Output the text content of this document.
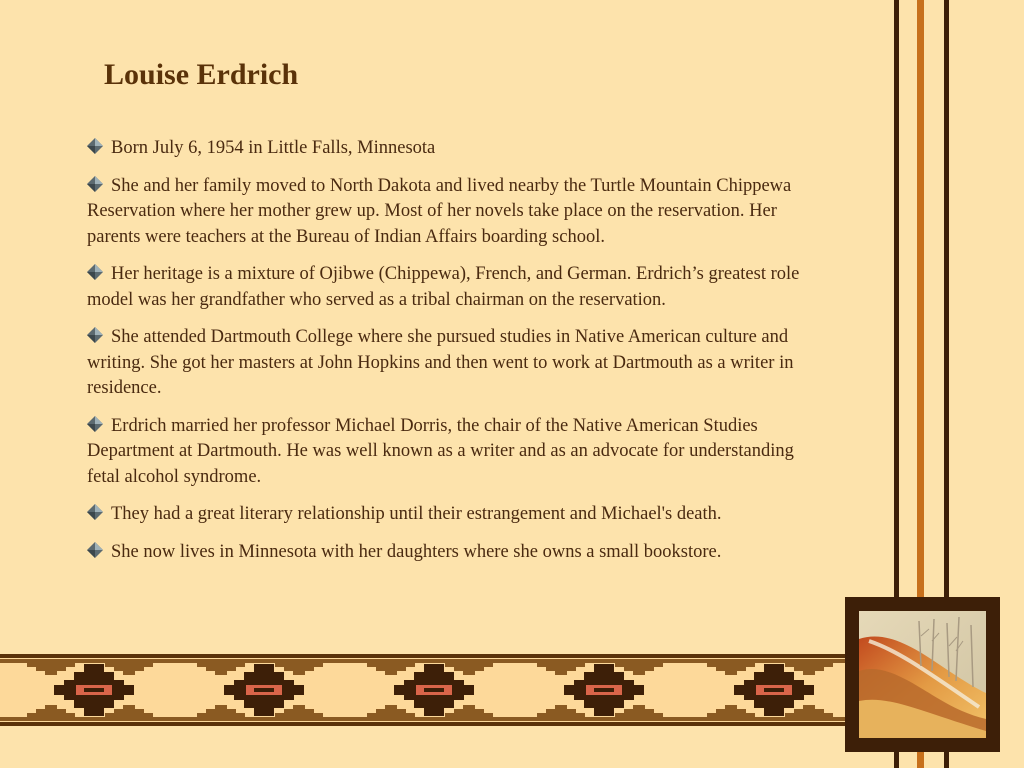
Louise Erdrich
Born July 6, 1954 in Little Falls, Minnesota
She and her family moved to North Dakota and lived nearby the Turtle Mountain Chippewa Reservation where her mother grew up. Most of her novels take place on the reservation. Her parents were teachers at the Bureau of Indian Affairs boarding school.
Her heritage is a mixture of Ojibwe (Chippewa), French, and German. Erdrich’s greatest role model was her grandfather who served as a tribal chairman on the reservation.
She attended Dartmouth College where she pursued studies in Native American culture and writing. She got her masters at John Hopkins and then went to work at Dartmouth as a writer in residence.
Erdrich married her professor Michael Dorris, the chair of the Native American Studies Department at Dartmouth. He was well known as a writer and as an advocate for understanding fetal alcohol syndrome.
They had a great literary relationship until their estrangement and Michael's death.
She now lives in Minnesota with her daughters where she owns a small bookstore.
